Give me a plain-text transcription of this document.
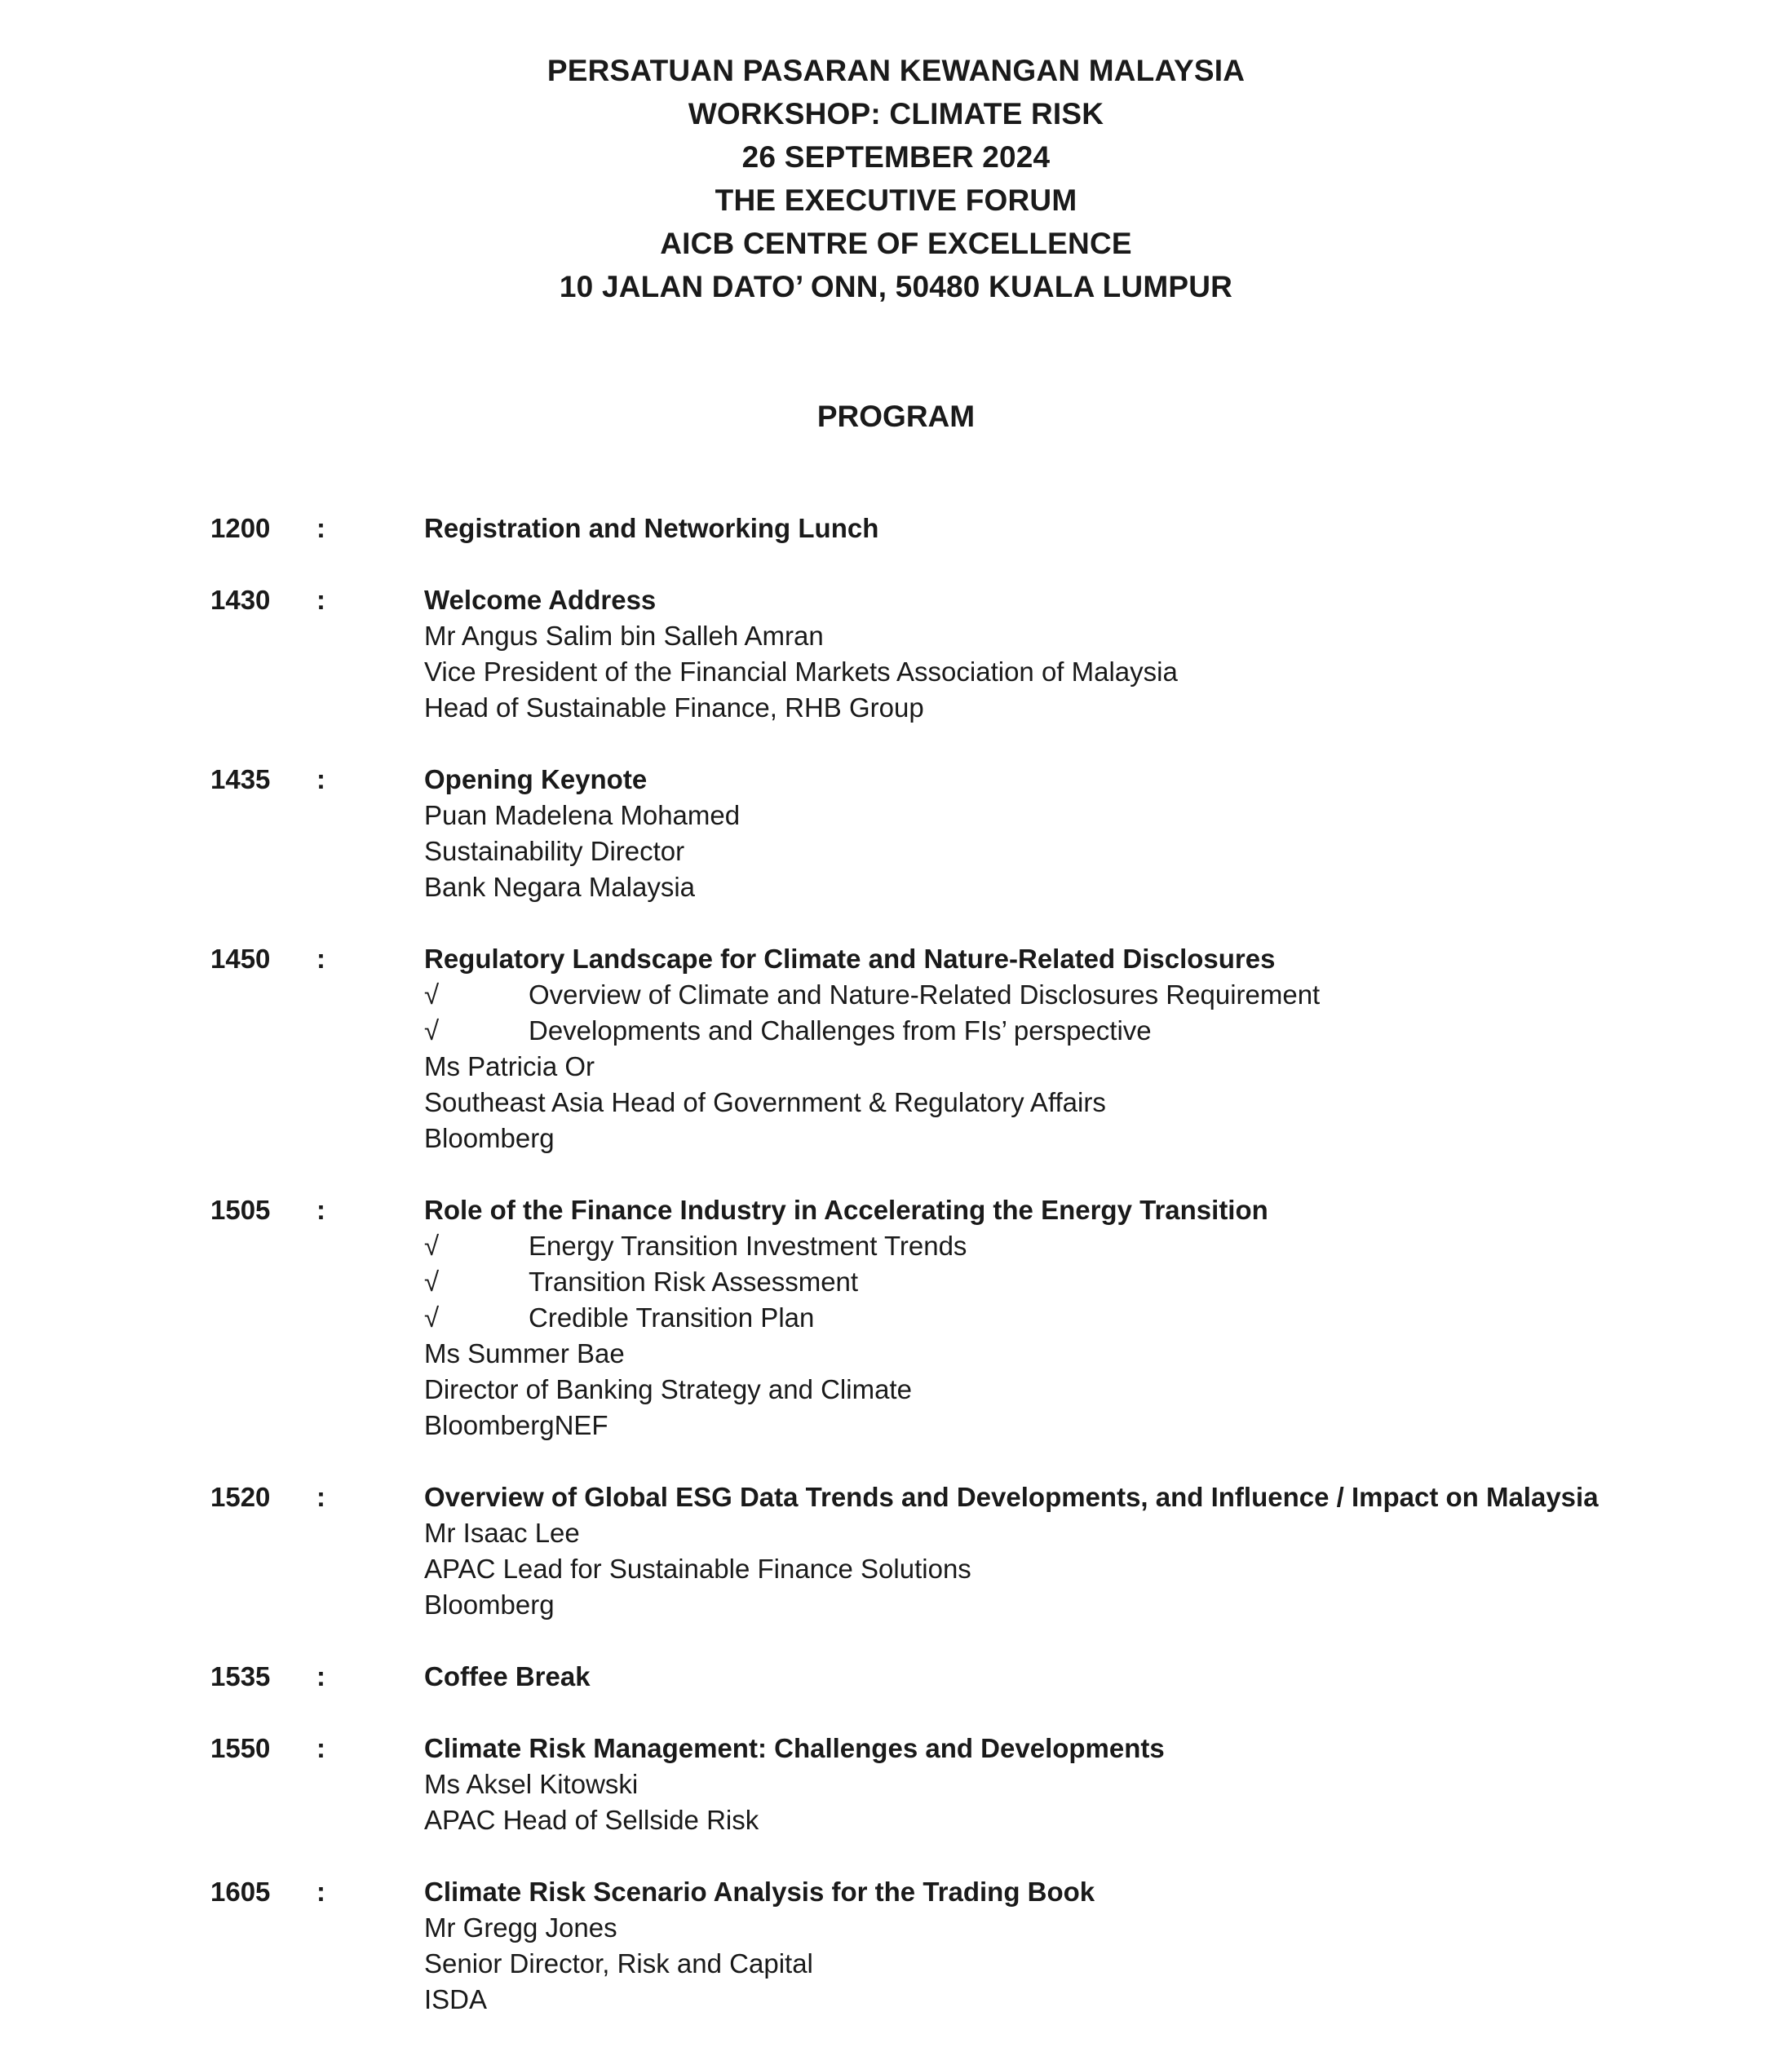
PERSATUAN PASARAN KEWANGAN MALAYSIA
WORKSHOP: CLIMATE RISK
26 SEPTEMBER 2024
THE EXECUTIVE FORUM
AICB CENTRE OF EXCELLENCE
10 JALAN DATO’ ONN, 50480 KUALA LUMPUR
PROGRAM
1200 :	Registration and Networking Lunch
1430 :	Welcome Address
Mr Angus Salim bin Salleh Amran
Vice President of the Financial Markets Association of Malaysia
Head of Sustainable Finance, RHB Group
1435 :	Opening Keynote
Puan Madelena Mohamed
Sustainability Director
Bank Negara Malaysia
1450 :	Regulatory Landscape for Climate and Nature-Related Disclosures
√	Overview of Climate and Nature-Related Disclosures Requirement
√	Developments and Challenges from FIs’ perspective
Ms Patricia Or
Southeast Asia Head of Government & Regulatory Affairs
Bloomberg
1505 :	Role of the Finance Industry in Accelerating the Energy Transition
√	Energy Transition Investment Trends
√	Transition Risk Assessment
√	Credible Transition Plan
Ms Summer Bae
Director of Banking Strategy and Climate
BloombergNEF
1520 :	Overview of Global ESG Data Trends and Developments, and Influence / Impact on Malaysia
Mr Isaac Lee
APAC Lead for Sustainable Finance Solutions
Bloomberg
1535 :	Coffee Break
1550 :	Climate Risk Management: Challenges and Developments
Ms Aksel Kitowski
APAC Head of Sellside Risk
1605 :	Climate Risk Scenario Analysis for the Trading Book
Mr Gregg Jones
Senior Director, Risk and Capital
ISDA
